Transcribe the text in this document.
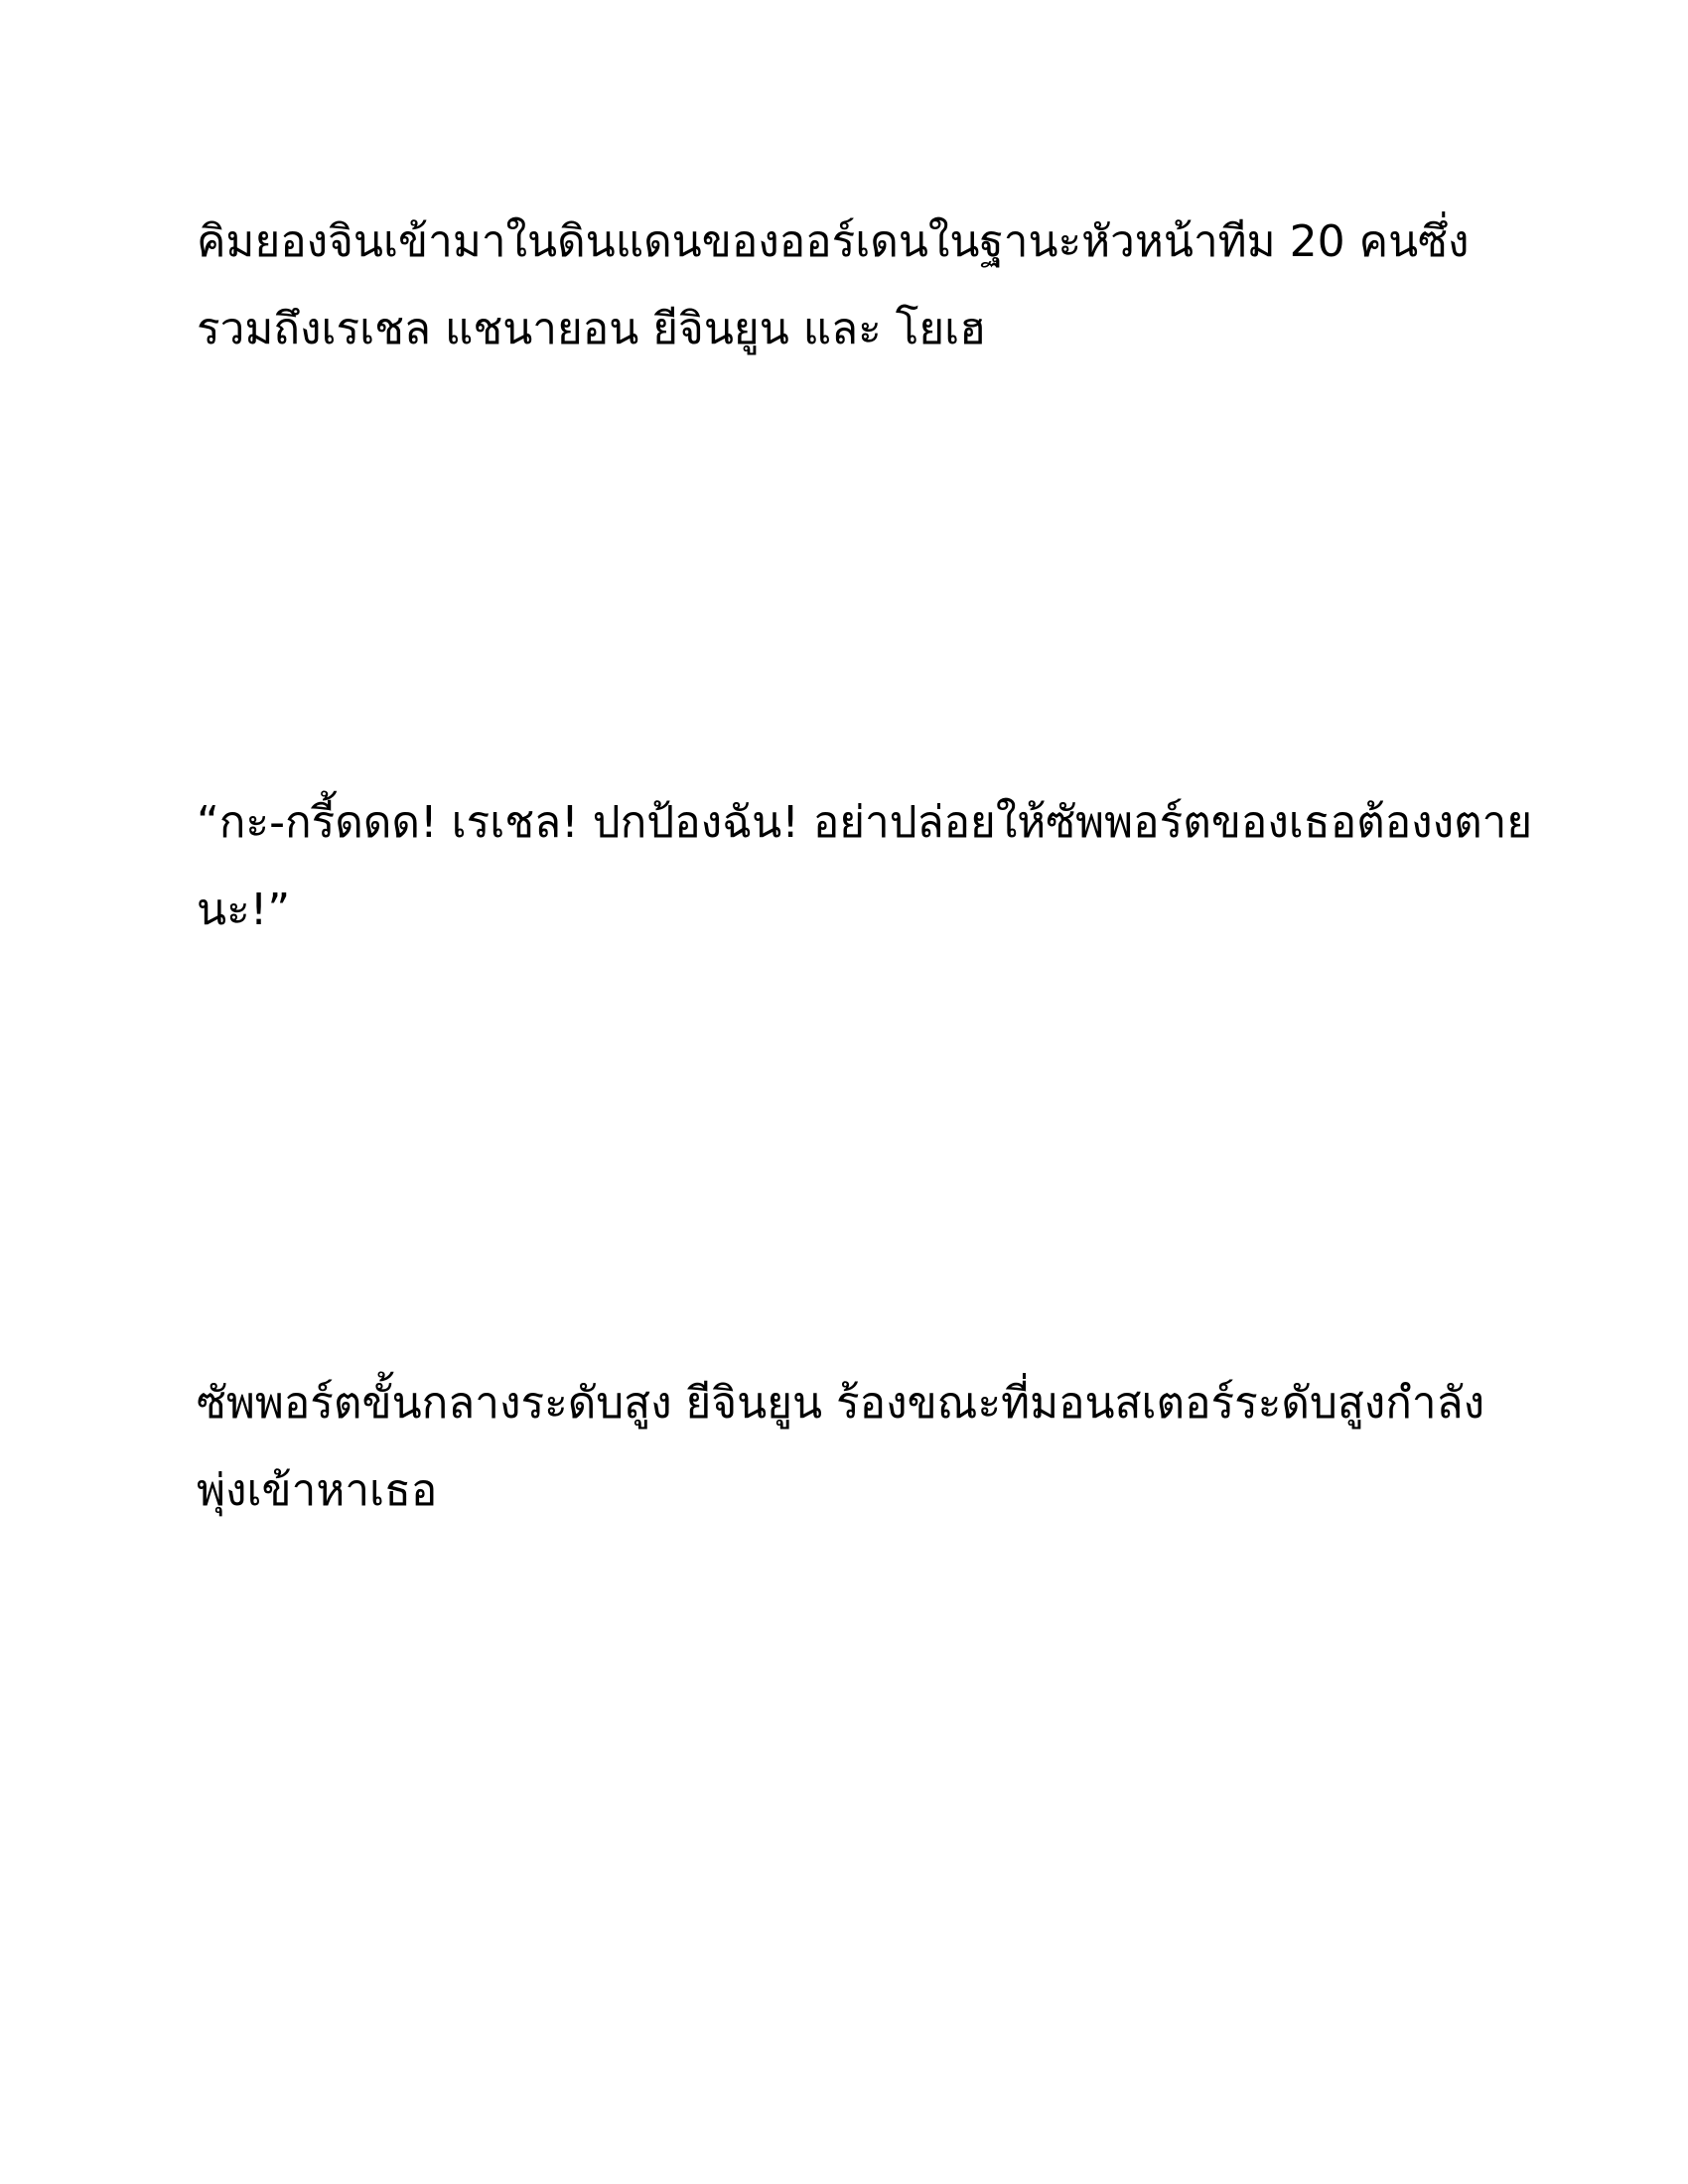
คิมยองจินเข้ามาในดินแดนของออร์เดนในฐานะหัวหน้าทีม 20 คนซึ่ง
รวมถึงเรเชล แชนายอน ยีจินยูน และ โยเฮ

“กะ-กรี้ดดด! เรเชล! ปกป้องฉัน! อย่าปล่อยให้ซัพพอร์ตของเธอต้องงตาย
นะ!”

ซัพพอร์ตขั้นกลางระดับสูง ยีจินยูน ร้องขณะที่มอนสเตอร์ระดับสูงกำลัง
พุ่งเข้าหาเธอ
